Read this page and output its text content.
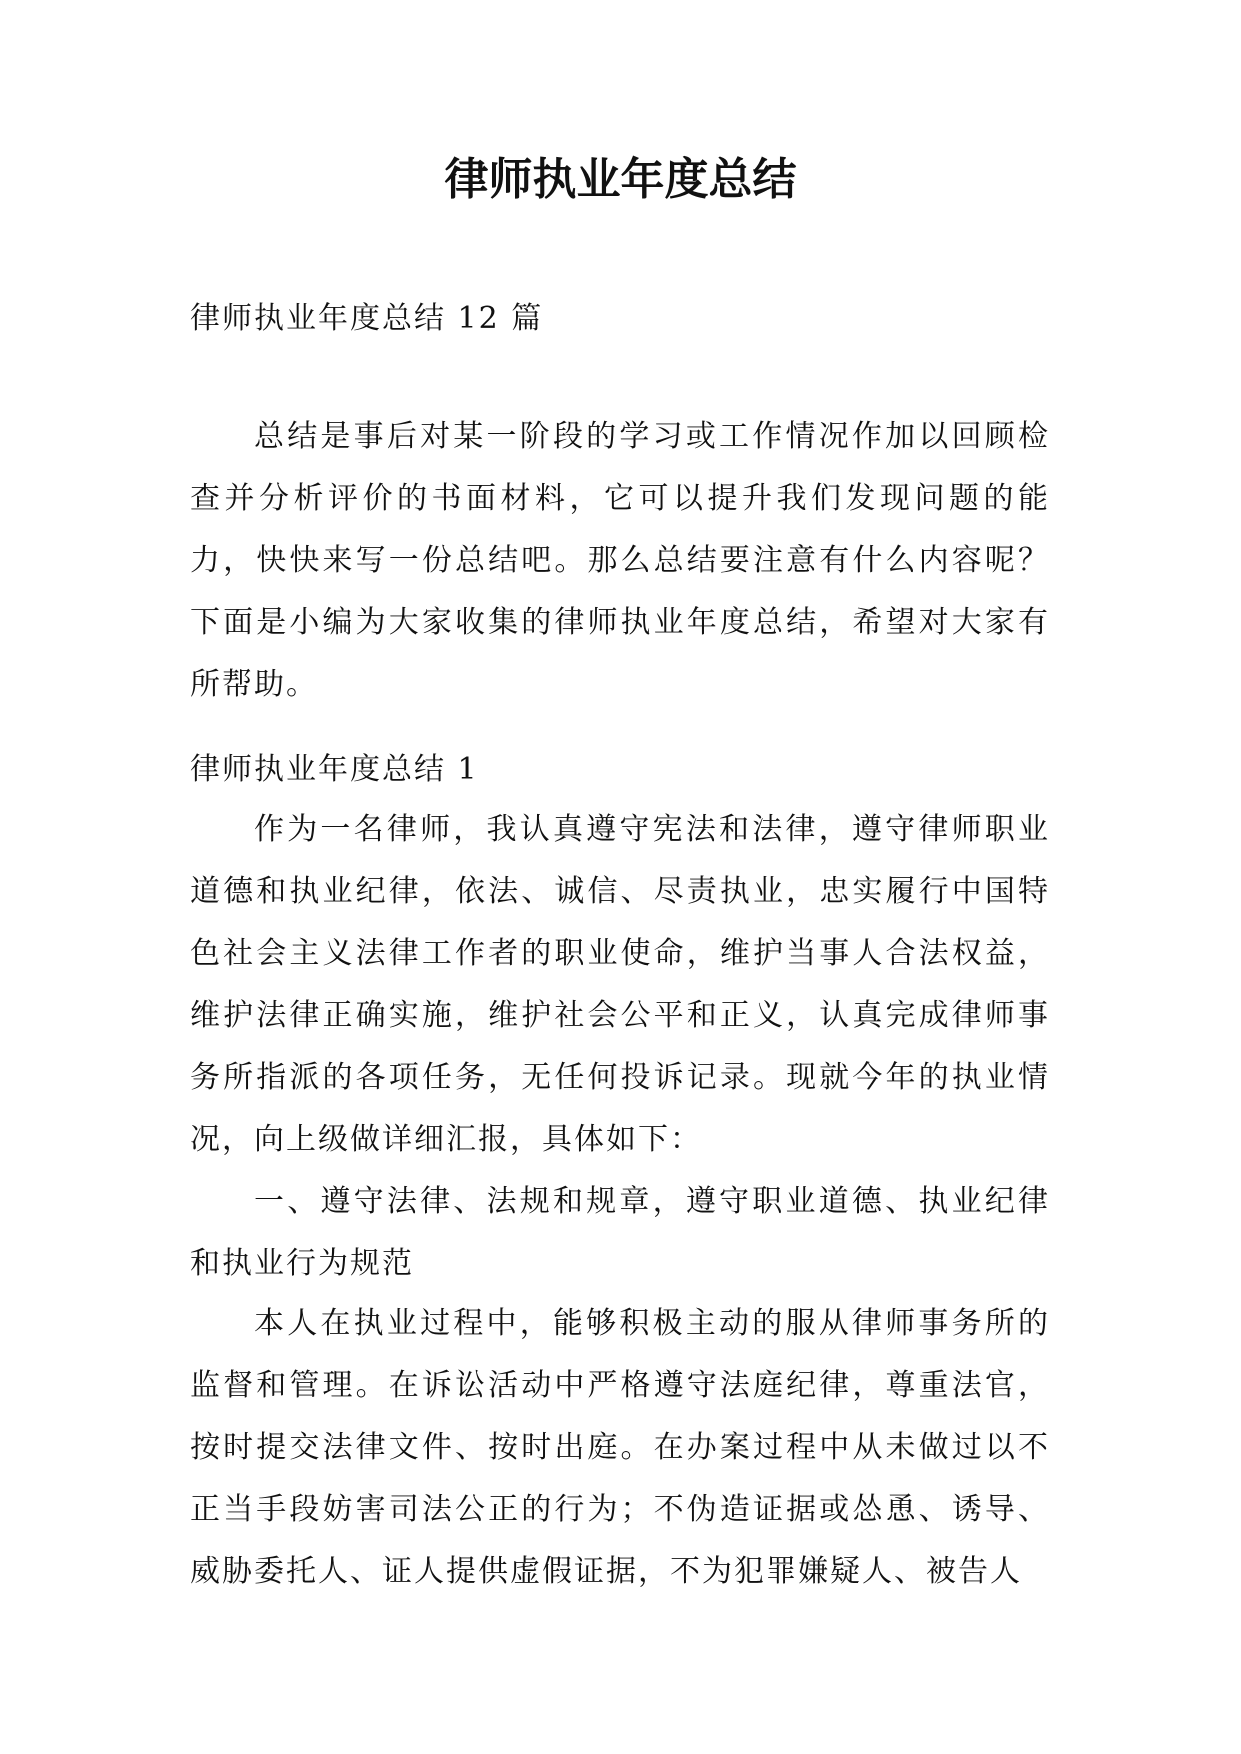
律师执业年度总结

律师执业年度总结 12 篇

总结是事后对某一阶段的学习或工作情况作加以回顾检查并分析评价的书面材料，它可以提升我们发现问题的能力，快快来写一份总结吧。那么总结要注意有什么内容呢？下面是小编为大家收集的律师执业年度总结，希望对大家有所帮助。

律师执业年度总结 1

作为一名律师，我认真遵守宪法和法律，遵守律师职业道德和执业纪律，依法、诚信、尽责执业，忠实履行中国特色社会主义法律工作者的职业使命，维护当事人合法权益，维护法律正确实施，维护社会公平和正义，认真完成律师事务所指派的各项任务，无任何投诉记录。现就今年的执业情况，向上级做详细汇报，具体如下：

一、遵守法律、法规和规章，遵守职业道德、执业纪律和执业行为规范

本人在执业过程中，能够积极主动的服从律师事务所的监督和管理。在诉讼活动中严格遵守法庭纪律，尊重法官，按时提交法律文件、按时出庭。在办案过程中从未做过以不正当手段妨害司法公正的行为；不伪造证据或怂恿、诱导、威胁委托人、证人提供虚假证据，不为犯罪嫌疑人、被告人
